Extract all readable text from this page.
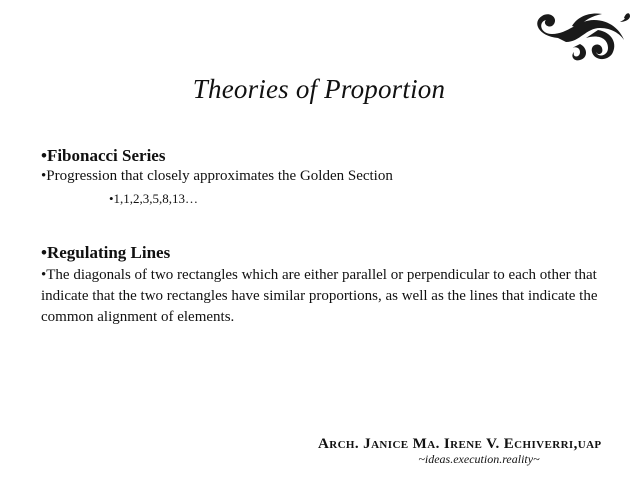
Theories of Proportion
•Fibonacci Series
•Progression that closely approximates the Golden Section
•1,1,2,3,5,8,13…
•Regulating Lines
•The diagonals of two rectangles which are either parallel or perpendicular to each other that indicate that the two rectangles have similar proportions, as well as the lines that indicate the common alignment of elements.
Arch. Janice Ma. Irene V. Echiverri,uap
~ideas.execution.reality~
